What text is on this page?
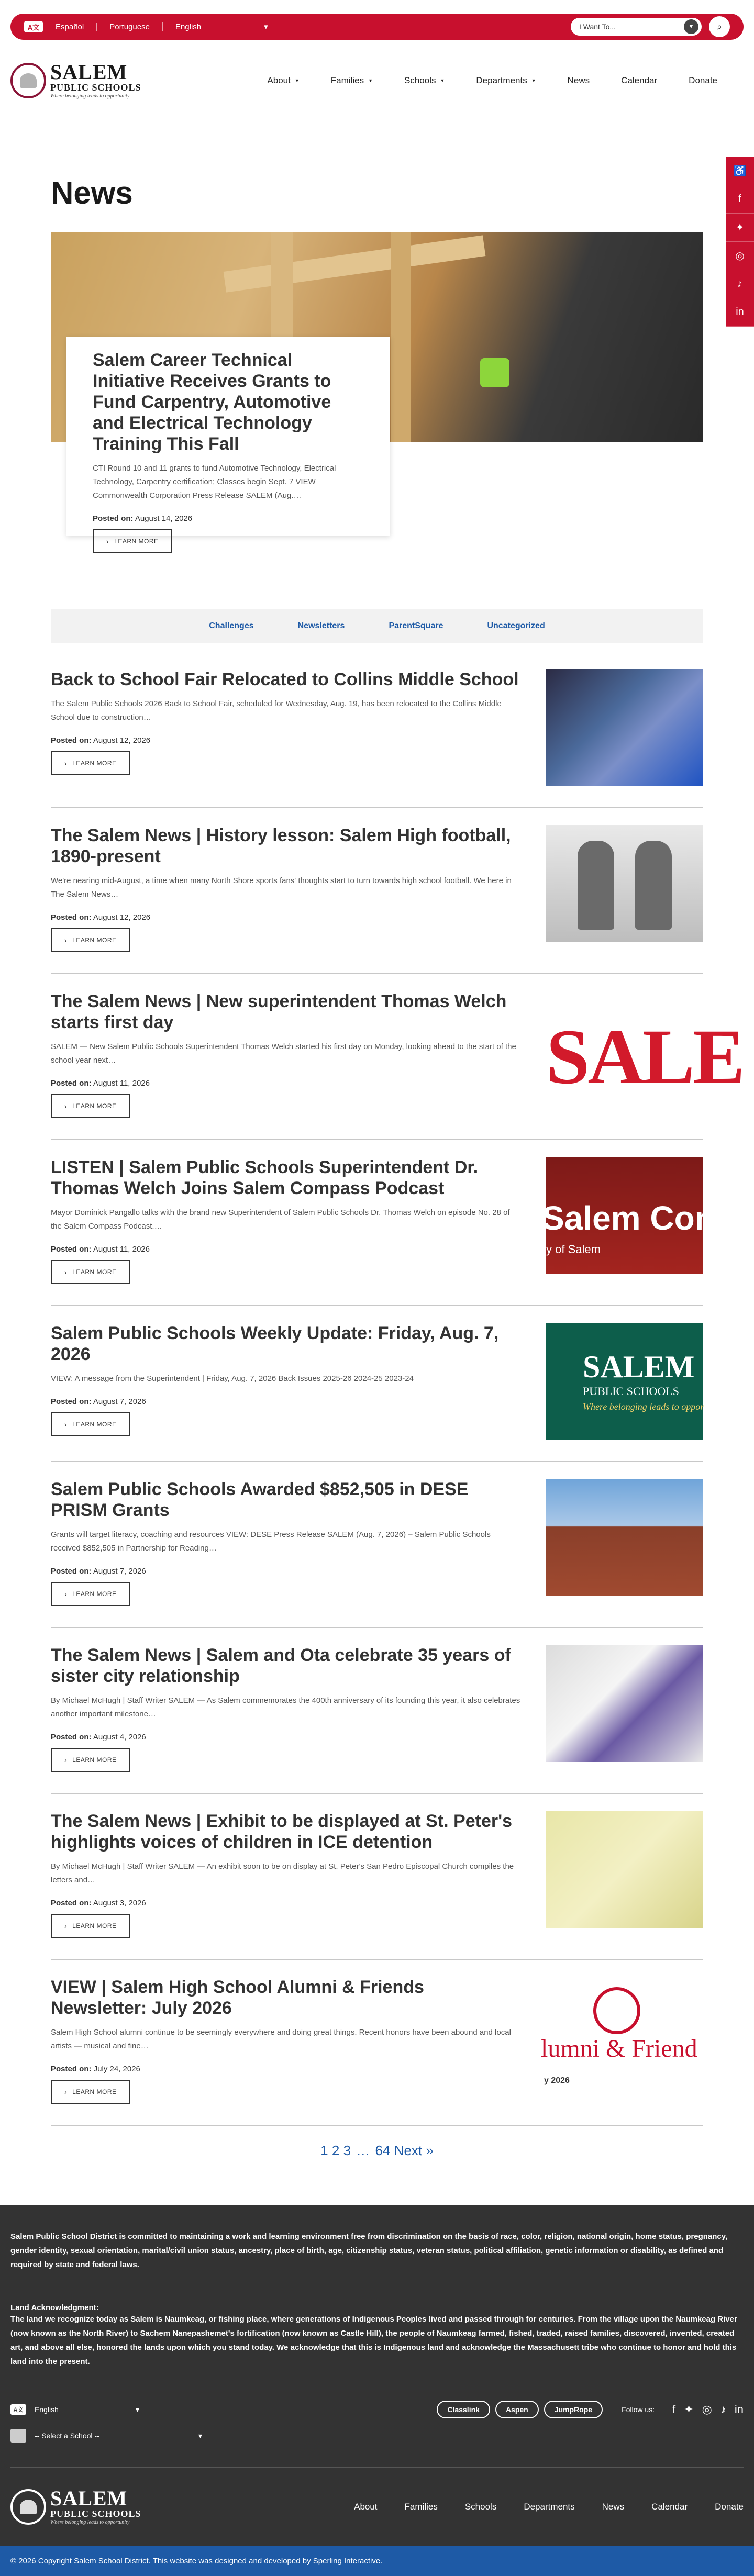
A文	Español	Portuguese	English	▾	I Want To...	▼	⌕
SALEM
PUBLIC SCHOOLS
Where belonging leads to opportunity
About ▼	Families ▼	Schools ▼	Departments ▼	News	Calendar	Donate
♿
f
✦
◎
♪
in
News
Salem Career Technical Initiative Receives Grants to Fund Carpentry, Automotive and Electrical Technology Training This Fall

CTI Round 10 and 11 grants to fund Automotive Technology, Electrical Technology, Carpentry certification; Classes begin Sept. 7 VIEW Commonwealth Corporation Press Release SALEM (Aug.…

Posted on: August 14, 2026
› LEARN MORE
Challenges	Newsletters	ParentSquare	Uncategorized
Back to School Fair Relocated to Collins Middle School

The Salem Public Schools 2026 Back to School Fair, scheduled for Wednesday, Aug. 19, has been relocated to the Collins Middle School due to construction…

Posted on: August 12, 2026
› LEARN MORE
The Salem News | History lesson: Salem High football, 1890-present

We're nearing mid-August, a time when many North Shore sports fans' thoughts start to turn towards high school football. We here in The Salem News…

Posted on: August 12, 2026
› LEARN MORE
The Salem News | New superintendent Thomas Welch starts first day

SALEM — New Salem Public Schools Superintendent Thomas Welch started his first day on Monday, looking ahead to the start of the school year next…

Posted on: August 11, 2026
› LEARN MORE
SALE
LISTEN | Salem Public Schools Superintendent Dr. Thomas Welch Joins Salem Compass Podcast

Mayor Dominick Pangallo talks with the brand new Superintendent of Salem Public Schools Dr. Thomas Welch on episode No. 28 of the Salem Compass Podcast.…

Posted on: August 11, 2026
› LEARN MORE
Salem Com
y of Salem
Salem Public Schools Weekly Update: Friday, Aug. 7, 2026

VIEW: A message from the Superintendent | Friday, Aug. 7, 2026 Back Issues 2025-26 2024-25 2023-24

Posted on: August 7, 2026
› LEARN MORE
SALEM
PUBLIC SCHOOLS
Where belonging leads to oppor
Salem Public Schools Awarded $852,505 in DESE PRISM Grants

Grants will target literacy, coaching and resources VIEW: DESE Press Release SALEM (Aug. 7, 2026) – Salem Public Schools received $852,505 in Partnership for Reading…

Posted on: August 7, 2026
› LEARN MORE
The Salem News | Salem and Ota celebrate 35 years of sister city relationship

By Michael McHugh | Staff Writer SALEM — As Salem commemorates the 400th anniversary of its founding this year, it also celebrates another important milestone…

Posted on: August 4, 2026
› LEARN MORE
The Salem News | Exhibit to be displayed at St. Peter's highlights voices of children in ICE detention

By Michael McHugh | Staff Writer SALEM — An exhibit soon to be on display at St. Peter's San Pedro Episcopal Church compiles the letters and…

Posted on: August 3, 2026
› LEARN MORE
VIEW | Salem High School Alumni & Friends Newsletter: July 2026

Salem High School alumni continue to be seemingly everywhere and doing great things. Recent honors have been abound and local artists — musical and fine…

Posted on: July 24, 2026
› LEARN MORE
lumni & Friend
y 2026
1 2 3 … 64 Next »

Salem Public School District is committed to maintaining a work and learning environment free from discrimination on the basis of race, color, religion, national origin, home status, pregnancy, gender identity, sexual orientation, marital/civil union status, ancestry, place of birth, age, citizenship status, veteran status, political affiliation, genetic information or disability, as defined and required by state and federal laws.

Land Acknowledgment:

The land we recognize today as Salem is Naumkeag, or fishing place, where generations of Indigenous Peoples lived and passed through for centuries. From the village upon the Naumkeag River (now known as the North River) to Sachem Nanepashemet's fortification (now known as Castle Hill), the people of Naumkeag farmed, fished, traded, raised families, discovered, invented, created art, and above all else, honored the lands upon which you stand today. We acknowledge that this is Indigenous land and acknowledge the Massachusett tribe who continue to honor and hold this land into the present.

A文	English	▾	Classlink	Aspen	JumpRope	Follow us: f ✦ ◎ ♪ in
-- Select a School --	▾
SALEM
PUBLIC SCHOOLS
Where belonging leads to opportunity
About	Families	Schools	Departments	News	Calendar	Donate
© 2026 Copyright Salem School District. This website was designed and developed by Sperling Interactive.
